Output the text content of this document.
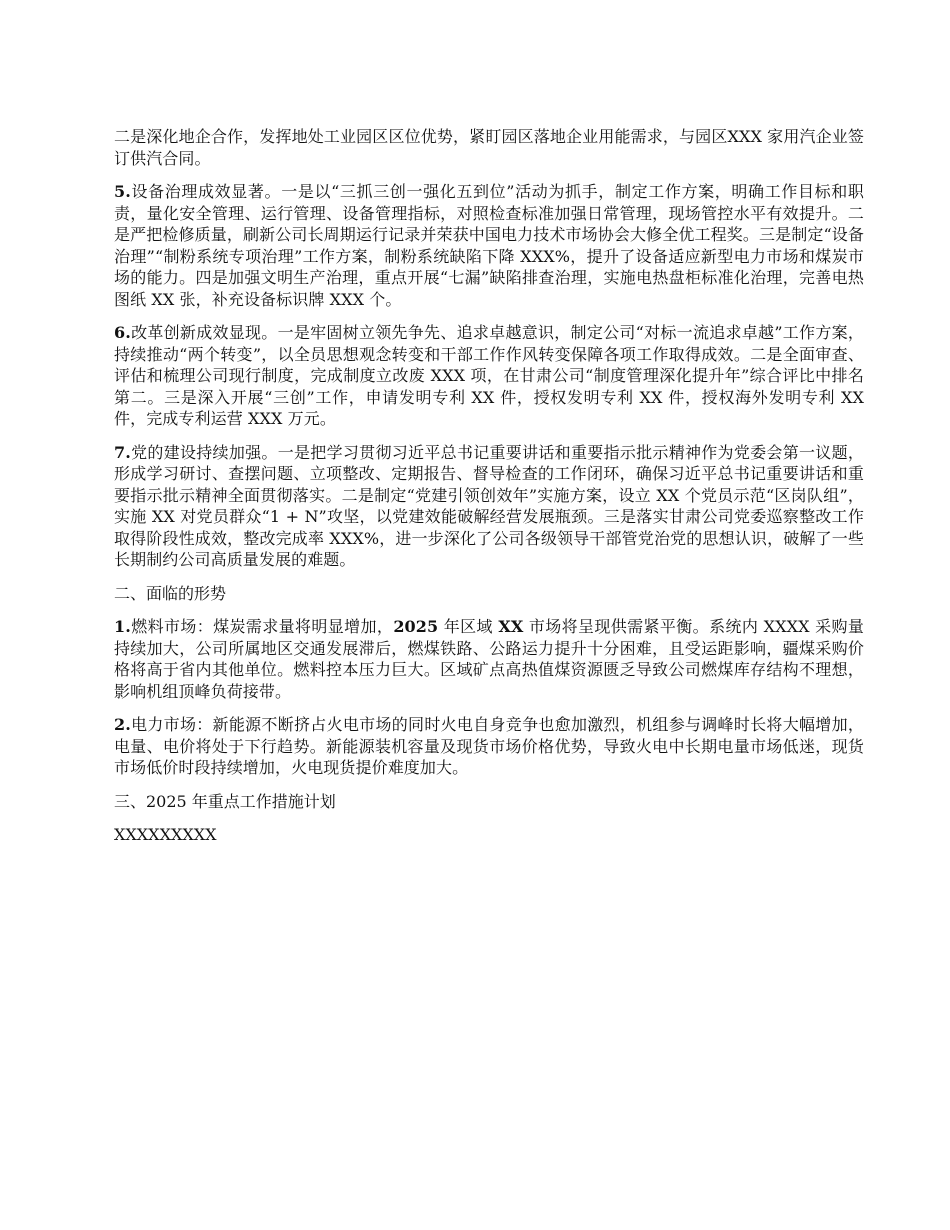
二是深化地企合作，发挥地处工业园区区位优势，紧盯园区落地企业用能需求，与园区XXX 家用汽企业签订供汽合同。

5.设备治理成效显著。一是以“三抓三创一强化五到位”活动为抓手，制定工作方案，明确工作目标和职责，量化安全管理、运行管理、设备管理指标，对照检查标准加强日常管理，现场管控水平有效提升。二是严把检修质量，刷新公司长周期运行记录并荣获中国电力技术市场协会大修全优工程奖。三是制定“设备治理”“制粉系统专项治理”工作方案，制粉系统缺陷下降 XXX%，提升了设备适应新型电力市场和煤炭市场的能力。四是加强文明生产治理，重点开展“七漏”缺陷排查治理，实施电热盘柜标准化治理，完善电热图纸 XX 张，补充设备标识牌 XXX 个。

6.改革创新成效显现。一是牢固树立领先争先、追求卓越意识，制定公司“对标一流追求卓越”工作方案，持续推动“两个转变”，以全员思想观念转变和干部工作作风转变保障各项工作取得成效。二是全面审查、评估和梳理公司现行制度，完成制度立改废 XXX 项，在甘肃公司“制度管理深化提升年”综合评比中排名第二。三是深入开展“三创”工作，申请发明专利 XX 件，授权发明专利 XX 件，授权海外发明专利 XX 件，完成专利运营 XXX 万元。

7.党的建设持续加强。一是把学习贯彻习近平总书记重要讲话和重要指示批示精神作为党委会第一议题，形成学习研讨、查摆问题、立项整改、定期报告、督导检查的工作闭环，确保习近平总书记重要讲话和重要指示批示精神全面贯彻落实。二是制定“党建引领创效年”实施方案，设立 XX 个党员示范“区岗队组”，实施 XX 对党员群众“1 + N”攻坚，以党建效能破解经营发展瓶颈。三是落实甘肃公司党委巡察整改工作取得阶段性成效，整改完成率 XXX%，进一步深化了公司各级领导干部管党治党的思想认识，破解了一些长期制约公司高质量发展的难题。

二、面临的形势

1.燃料市场：煤炭需求量将明显增加，2025 年区域 XX 市场将呈现供需紧平衡。系统内 XXXX 采购量持续加大，公司所属地区交通发展滞后，燃煤铁路、公路运力提升十分困难，且受运距影响，疆煤采购价格将高于省内其他单位。燃料控本压力巨大。区域矿点高热值煤资源匮乏导致公司燃煤库存结构不理想，影响机组顶峰负荷接带。

2.电力市场：新能源不断挤占火电市场的同时火电自身竞争也愈加激烈，机组参与调峰时长将大幅增加，电量、电价将处于下行趋势。新能源装机容量及现货市场价格优势，导致火电中长期电量市场低迷，现货市场低价时段持续增加，火电现货提价难度加大。

三、2025 年重点工作措施计划

XXXXXXXXX
